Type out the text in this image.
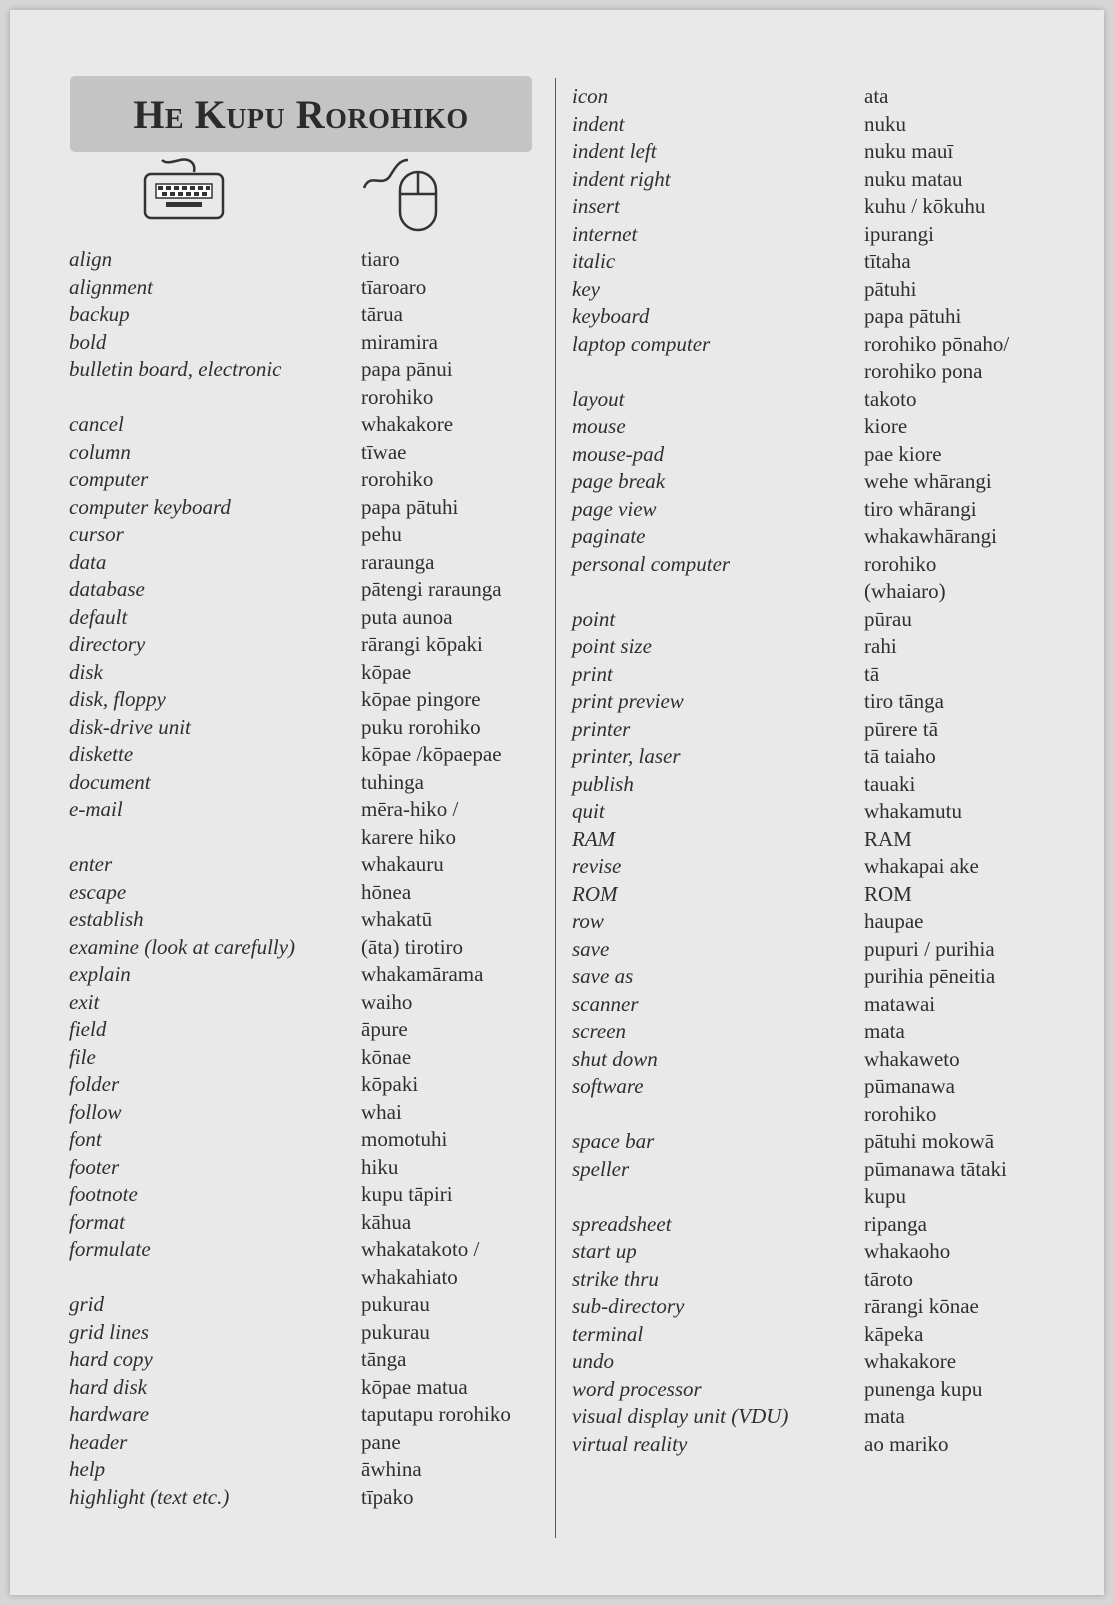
He Kupu Rorohiko
align	tiaro
alignment	tīaroaro
backup	tārua
bold	miramira
bulletin board, electronic	papa pānui
rorohiko
cancel	whakakore
column	tīwae
computer	rorohiko
computer keyboard	papa pātuhi
cursor	pehu
data	raraunga
database	pātengi raraunga
default	puta aunoa
directory	rārangi kōpaki
disk	kōpae
disk, floppy	kōpae pingore
disk-drive unit	puku rorohiko
diskette	kōpae /kōpaepae
document	tuhinga
e-mail	mēra-hiko /
karere hiko
enter	whakauru
escape	hōnea
establish	whakatū
examine (look at carefully)	(āta) tirotiro
explain	whakamārama
exit	waiho
field	āpure
file	kōnae
folder	kōpaki
follow	whai
font	momotuhi
footer	hiku
footnote	kupu tāpiri
format	kāhua
formulate	whakatakoto /
whakahiato
grid	pukurau
grid lines	pukurau
hard copy	tānga
hard disk	kōpae matua
hardware	taputapu rorohiko
header	pane
help	āwhina
highlight (text etc.)	tīpako
icon	ata
indent	nuku
indent left	nuku mauī
indent right	nuku matau
insert	kuhu / kōkuhu
internet	ipurangi
italic	tītaha
key	pātuhi
keyboard	papa pātuhi
laptop computer	rorohiko pōnaho/
rorohiko pona
layout	takoto
mouse	kiore
mouse-pad	pae kiore
page break	wehe whārangi
page view	tiro whārangi
paginate	whakawhārangi
personal computer	rorohiko
(whaiaro)
point	pūrau
point size	rahi
print	tā
print preview	tiro tānga
printer	pūrere tā
printer, laser	tā taiaho
publish	tauaki
quit	whakamutu
RAM	RAM
revise	whakapai ake
ROM	ROM
row	haupae
save	pupuri / purihia
save as	purihia pēneitia
scanner	matawai
screen	mata
shut down	whakaweto
software	pūmanawa
rorohiko
space bar	pātuhi mokowā
speller	pūmanawa tātaki
kupu
spreadsheet	ripanga
start up	whakaoho
strike thru	tāroto
sub-directory	rārangi kōnae
terminal	kāpeka
undo	whakakore
word processor	punenga kupu
visual display unit (VDU)	mata
virtual reality	ao mariko
